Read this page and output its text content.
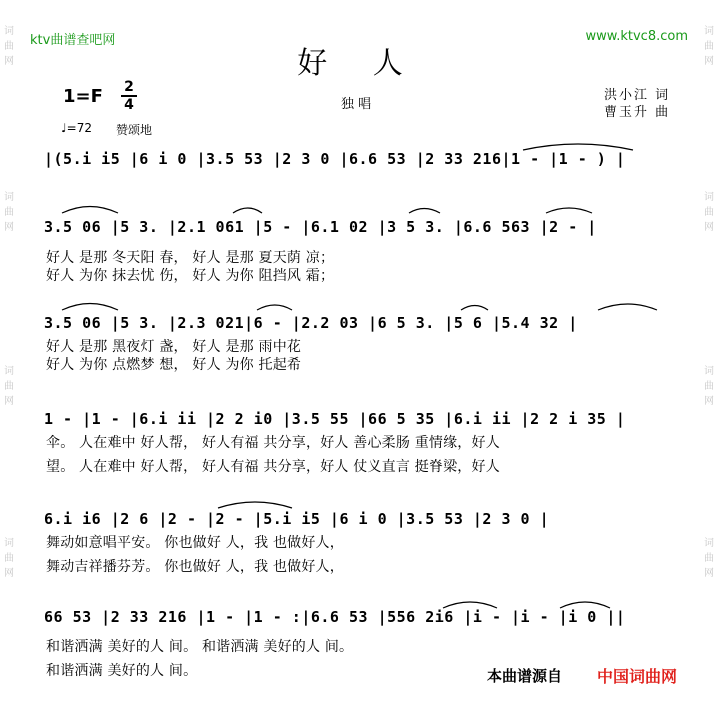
词
曲
网
词
曲
网
词
曲
网
词
曲
网
词
曲
网
词
曲
网
词
曲
网
词
曲
网
ktv曲谱查吧网	www.ktvc8.com
好 人
1=F 2
4	独 唱
洪小江 词
曹玉升 曲
♩=72 赞颂地
|(5.i i5 |6 i 0 |3.5 53 |2 3 0 |6.6 53 |2 33 216|1 - |1 - ) |
3.5 06 |5 3. |2.1 061 |5 - |6.1 02 |3 5 3. |6.6 563 |2 - |
好人 是那 冬天阳 春， 好人 是那 夏天荫 凉；
好人 为你 抹去忧 伤， 好人 为你 阻挡风 霜；
3.5 06 |5 3. |2.3 021|6 - |2.2 03 |6 5 3. |5 6 |5.4 32 |
好人 是那 黑夜灯 盏， 好人 是那 雨中花
好人 为你 点燃梦 想， 好人 为你 托起希
1 - |1 - |6.i ii |2 2 i0 |3.5 55 |66 5 35 |6.i ii |2 2 i 35 |
伞。 人在难中 好人帮， 好人有福 共分享，好人 善心柔肠 重情缘，好人
望。 人在难中 好人帮， 好人有福 共分享，好人 仗义直言 挺脊梁，好人
6.i i6 |2 6 |2 - |2 - |5.i i5 |6 i 0 |3.5 53 |2 3 0 |
舞动如意唱平安。 你也做好 人，我 也做好人，
舞动吉祥播芬芳。 你也做好 人，我 也做好人，
66 53 |2 33 216 |1 - |1 - :|6.6 53 |556 2i6 |i - |i - |i 0 ||
和谐洒满 美好的人 间。 和谐洒满 美好的人 间。
和谐洒满 美好的人 间。	本曲谱源自 中国词曲网
